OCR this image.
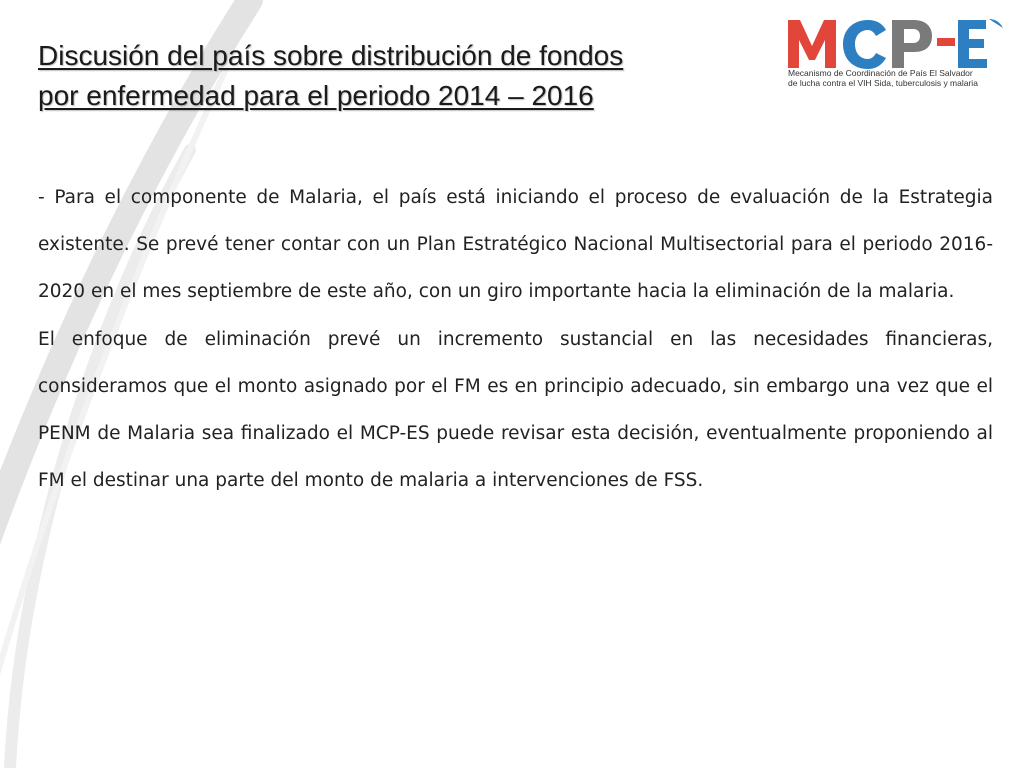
Discusión del país sobre distribución de fondos
por enfermedad para el periodo 2014 – 2016
Mecanismo de Coordinación de País El Salvador
de lucha contra el VIH Sida, tuberculosis y malaria

- Para el componente de Malaria, el país está iniciando el proceso de evaluación de la Estrategia existente. Se prevé tener contar con un Plan Estratégico Nacional Multisectorial para el periodo 2016-2020 en el mes septiembre de este año, con un giro importante hacia la eliminación de la malaria.

El enfoque de eliminación prevé un incremento sustancial en las necesidades financieras, consideramos que el monto asignado por el FM es en principio adecuado, sin embargo una vez que el PENM de Malaria sea finalizado el MCP-ES puede revisar esta decisión, eventualmente proponiendo al FM el destinar una parte del monto de malaria a intervenciones de FSS.
